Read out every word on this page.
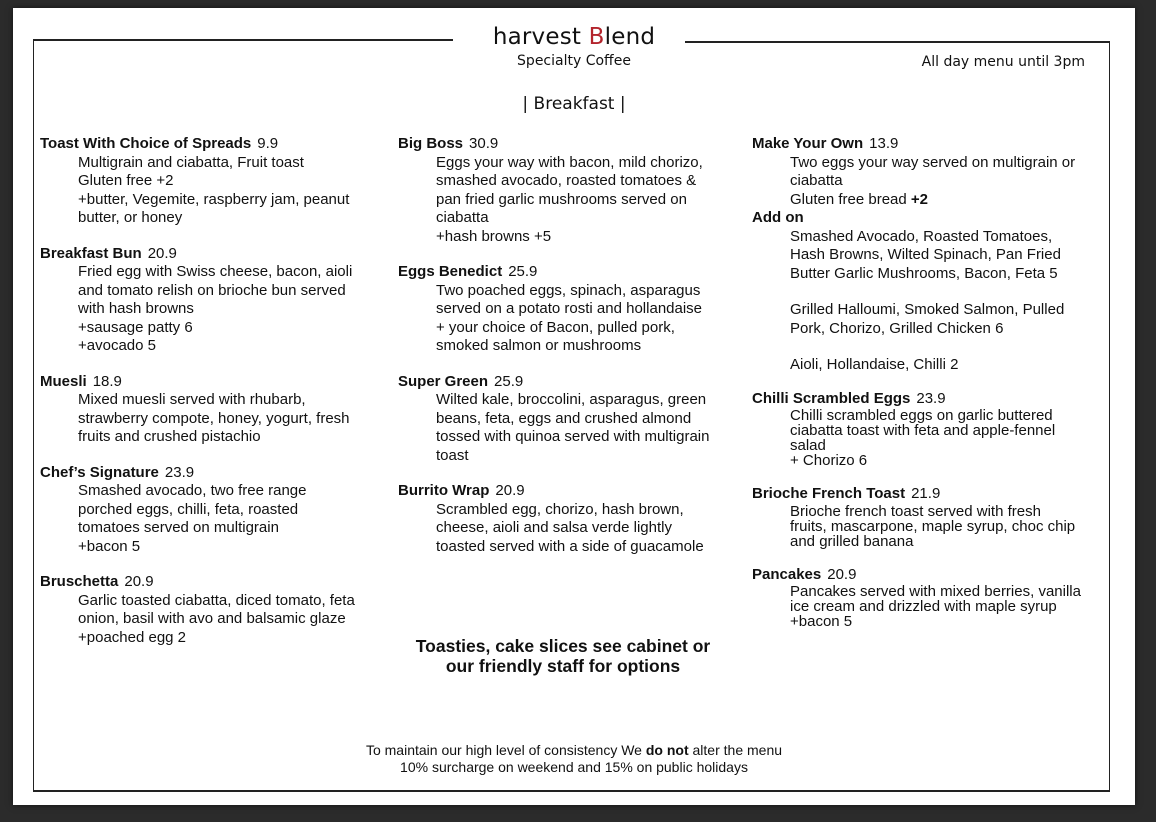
harvest Blend
Specialty Coffee	All day menu until 3pm
| Breakfast |
Toast With Choice of Spreads 9.9
Multigrain and ciabatta, Fruit toast
Gluten free +2
+butter, Vegemite, raspberry jam, peanut
butter, or honey
Breakfast Bun 20.9
Fried egg with Swiss cheese, bacon, aioli
and tomato relish on brioche bun served
with hash browns
+sausage patty 6
+avocado 5
Muesli 18.9
Mixed muesli served with rhubarb,
strawberry compote, honey, yogurt, fresh
fruits and crushed pistachio
Chef’s Signature 23.9
Smashed avocado, two free range
porched eggs, chilli, feta, roasted
tomatoes served on multigrain
+bacon 5
Bruschetta 20.9
Garlic toasted ciabatta, diced tomato, feta
onion, basil with avo and balsamic glaze
+poached egg 2
Big Boss 30.9
Eggs your way with bacon, mild chorizo,
smashed avocado, roasted tomatoes &
pan fried garlic mushrooms served on
ciabatta
+hash browns +5
Eggs Benedict 25.9
Two poached eggs, spinach, asparagus
served on a potato rosti and hollandaise
+ your choice of Bacon, pulled pork,
smoked salmon or mushrooms
Super Green 25.9
Wilted kale, broccolini, asparagus, green
beans, feta, eggs and crushed almond
tossed with quinoa served with multigrain
toast
Burrito Wrap 20.9
Scrambled egg, chorizo, hash brown,
cheese, aioli and salsa verde lightly
toasted served with a side of guacamole
Make Your Own 13.9
Two eggs your way served on multigrain or
ciabatta
Gluten free bread +2
Add on
Smashed Avocado, Roasted Tomatoes,
Hash Browns, Wilted Spinach, Pan Fried
Butter Garlic Mushrooms, Bacon, Feta 5
Grilled Halloumi, Smoked Salmon, Pulled
Pork, Chorizo, Grilled Chicken 6
Aioli, Hollandaise, Chilli 2
Chilli Scrambled Eggs 23.9
Chilli scrambled eggs on garlic buttered
ciabatta toast with feta and apple-fennel
salad
+ Chorizo 6
Brioche French Toast 21.9
Brioche french toast served with fresh
fruits, mascarpone, maple syrup, choc chip
and grilled banana
Pancakes 20.9
Pancakes served with mixed berries, vanilla
ice cream and drizzled with maple syrup
+bacon 5
Toasties, cake slices see cabinet or
our friendly staff for options
To maintain our high level of consistency We do not alter the menu
10% surcharge on weekend and 15% on public holidays
